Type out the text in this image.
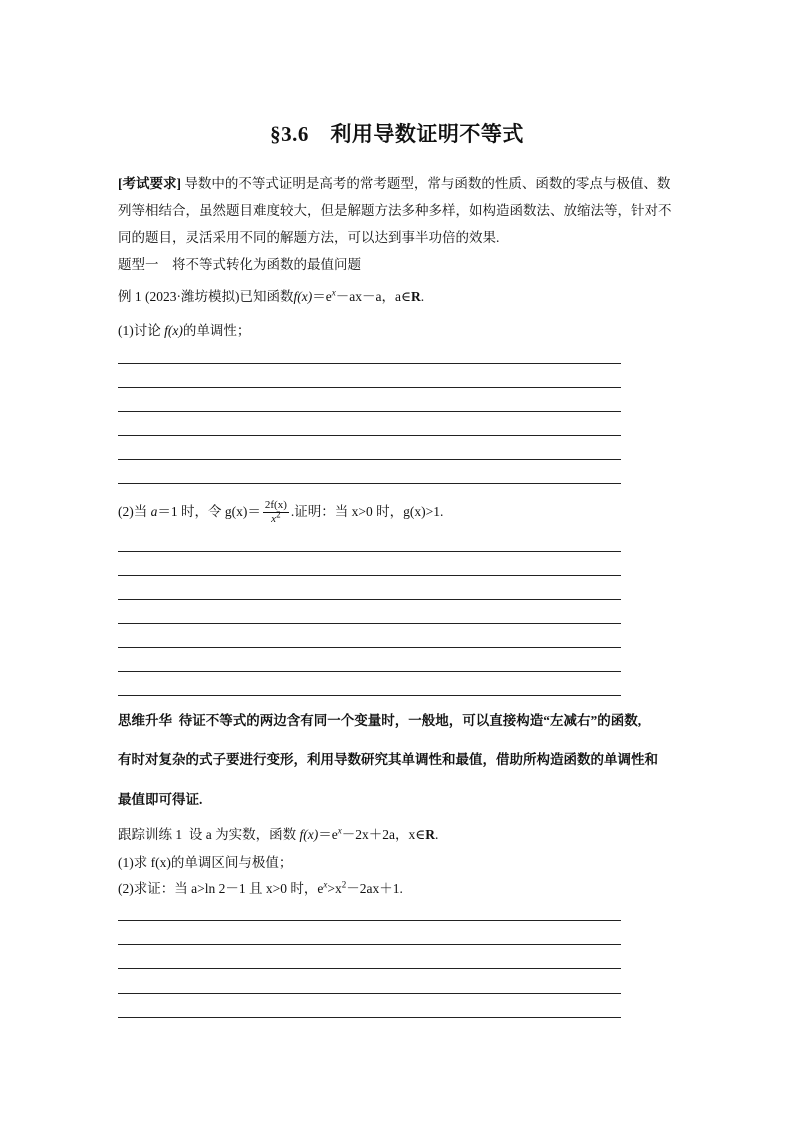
§3.6　利用导数证明不等式
[考试要求] 导数中的不等式证明是高考的常考题型，常与函数的性质、函数的零点与极值、数列等相结合，虽然题目难度较大，但是解题方法多种多样，如构造函数法、放缩法等，针对不同的题目，灵活采用不同的解题方法，可以达到事半功倍的效果.
题型一　将不等式转化为函数的最值问题
例 1 (2023·潍坊模拟)已知函数$f(x)=e^x-ax-a$，a∈R.
(1)讨论 f(x)的单调性；
(2)当 a＝1 时，令 $g(x)= \frac{2f(x)}{x^2}$ .证明：当 x>0 时，g(x)>1.
思维升华 待证不等式的两边含有同一个变量时，一般地，可以直接构造“左减右”的函数,
有时对复杂的式子要进行变形，利用导数研究其单调性和最值，借助所构造函数的单调性和
最值即可得证.
跟踪训练 1 设 a 为实数，函数 $f(x)=e^x-2x+2a$，x∈R.
(1)求 f(x)的单调区间与极值；
(2)求证：当 a>ln 2－1 且 x>0 时，$e^x>x^2-2ax+1$.
